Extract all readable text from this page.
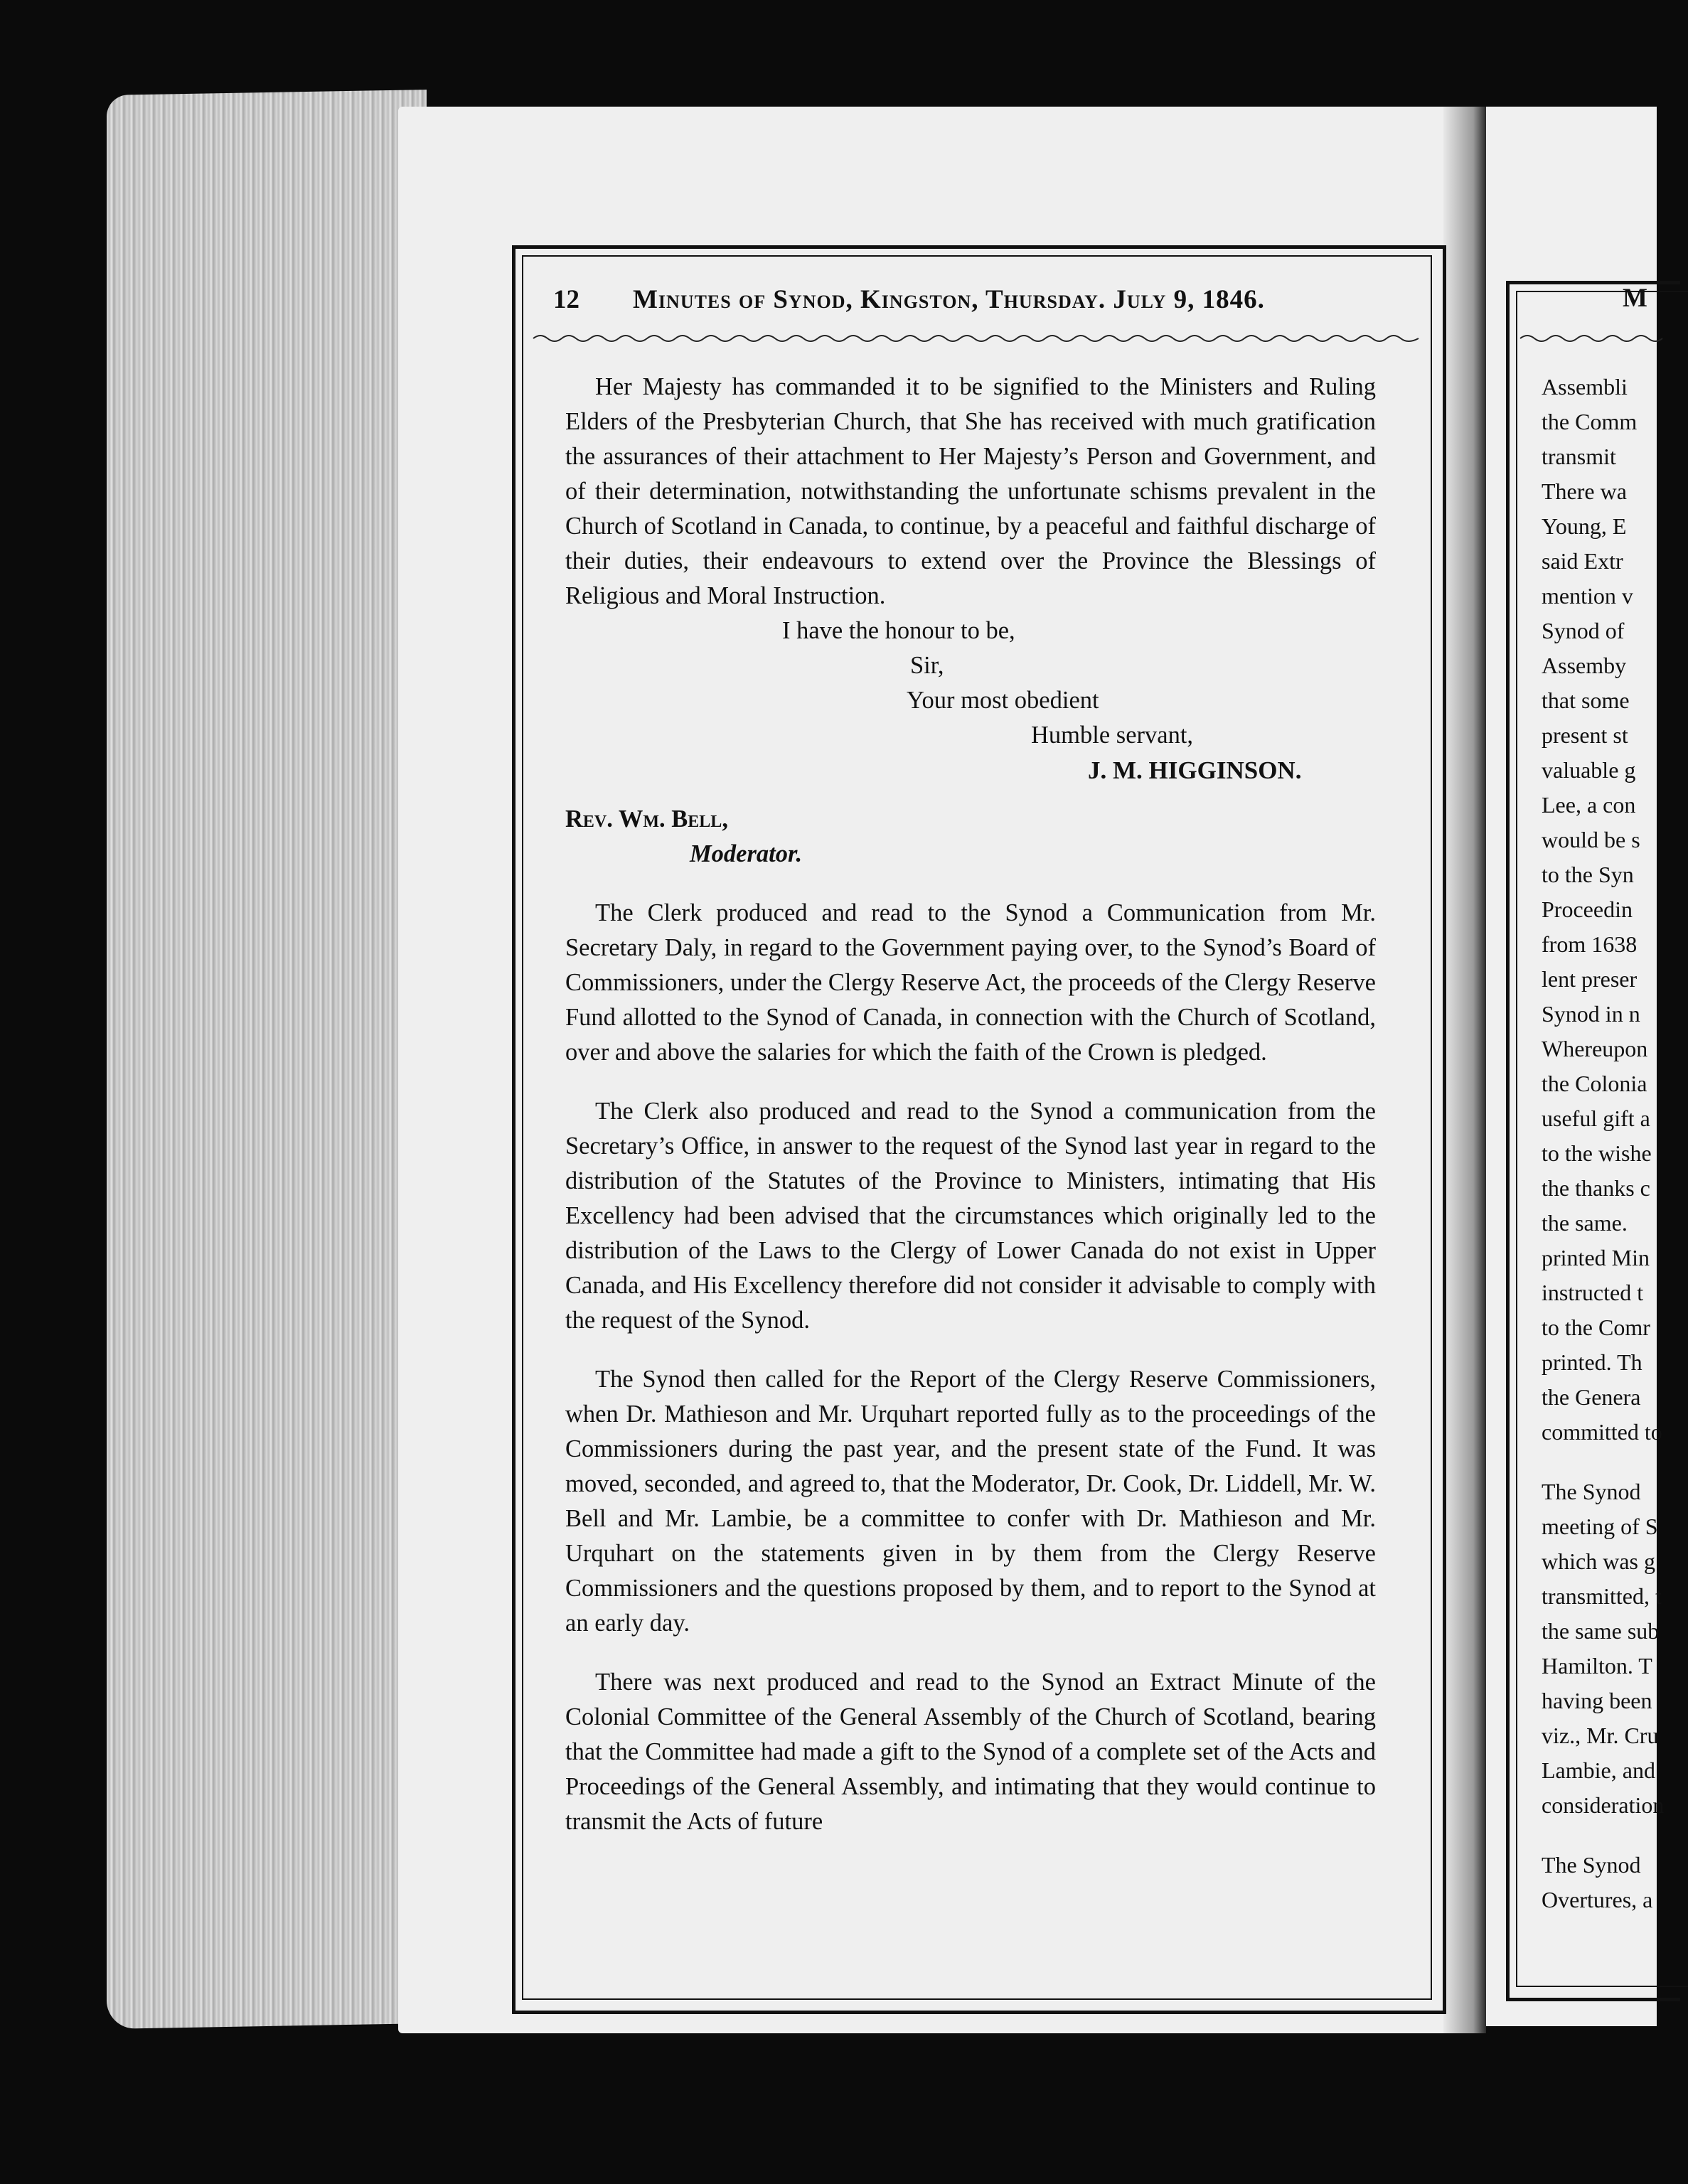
12 Minutes of Synod, Kingston, Thursday. July 9, 1846.

Her Majesty has commanded it to be signified to the Ministers and Ruling Elders of the Presbyterian Church, that She has received with much gratification the assurances of their attachment to Her Majesty’s Person and Government, and of their determination, notwithstanding the unfortunate schisms prevalent in the Church of Scotland in Canada, to continue, by a peaceful and faithful discharge of their duties, their endeavours to extend over the Province the Blessings of Religious and Moral Instruction.

I have the honour to be,
Sir,
Your most obedient
Humble servant,
J. M. HIGGINSON.
Rev. Wm. Bell,
Moderator.

The Clerk produced and read to the Synod a Communication from Mr. Secretary Daly, in regard to the Government paying over, to the Synod’s Board of Commissioners, under the Clergy Reserve Act, the proceeds of the Clergy Reserve Fund allotted to the Synod of Canada, in connection with the Church of Scotland, over and above the salaries for which the faith of the Crown is pledged.

The Clerk also produced and read to the Synod a communication from the Secretary’s Office, in answer to the request of the Synod last year in regard to the distribution of the Statutes of the Province to Ministers, intimating that His Excellency had been advised that the circumstances which originally led to the distribution of the Laws to the Clergy of Lower Canada do not exist in Upper Canada, and His Excellency therefore did not consider it advisable to comply with the request of the Synod.

The Synod then called for the Report of the Clergy Reserve Commissioners, when Dr. Mathieson and Mr. Urquhart reported fully as to the proceedings of the Commissioners during the past year, and the present state of the Fund. It was moved, seconded, and agreed to, that the Moderator, Dr. Cook, Dr. Liddell, Mr. W. Bell and Mr. Lambie, be a committee to confer with Dr. Mathieson and Mr. Urquhart on the statements given in by them from the Clergy Reserve Commissioners and the questions proposed by them, and to report to the Synod at an early day.

There was next produced and read to the Synod an Extract Minute of the Colonial Committee of the General Assembly of the Church of Scotland, bearing that the Committee had made a gift to the Synod of a complete set of the Acts and Proceedings of the General Assembly, and intimating that they would continue to transmit the Acts of future

M
Assembli
the Comm
transmit
There wa
Young, E
said Extr
mention v
Synod of
Assemby
that some
present st
valuable g
Lee, a con
would be s
to the Syn
Proceedin
from 1638
lent preser
Synod in n
Whereupon
the Colonia
useful gift a
to the wishe
the thanks c
the same.
printed Min
instructed t
to the Comr
printed. Th
the Genera
committed to
The Synod
meeting of S
which was g
transmitted, t
the same sub
Hamilton. T
having been
viz., Mr. Cru
Lambie, and
consideration
The Synod
Overtures, a
